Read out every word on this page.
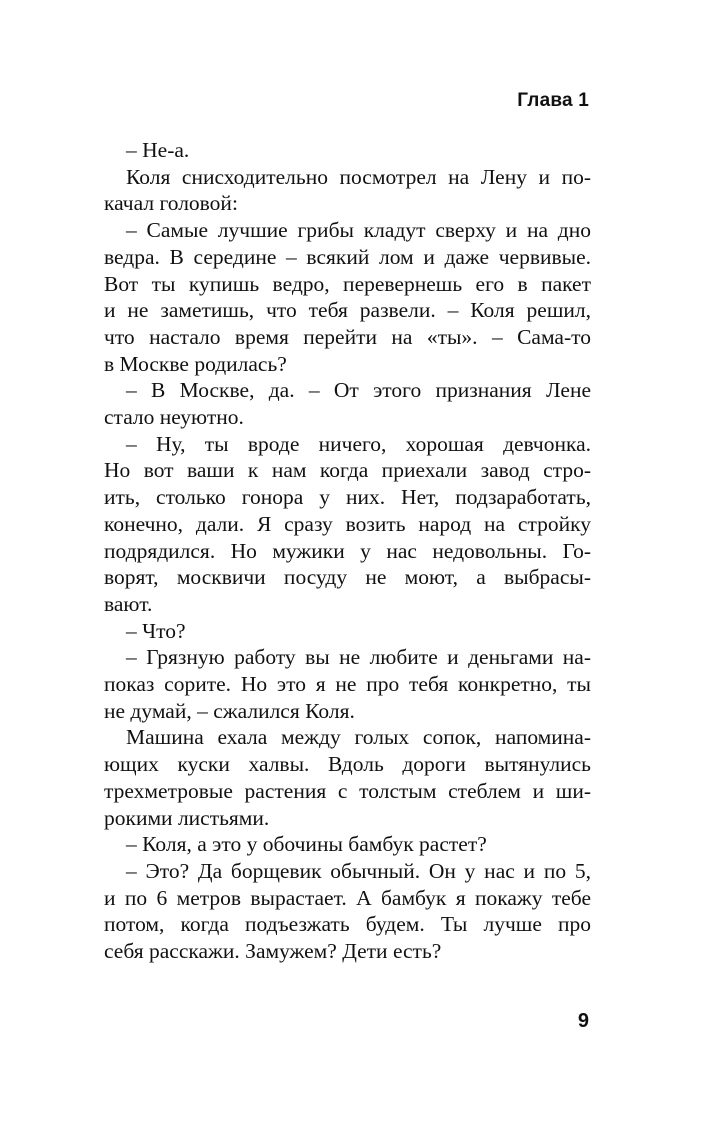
Глава 1
– Не-а.
Коля снисходительно посмотрел на Лену и по-
качал головой:
– Самые лучшие грибы кладут сверху и на дно
ведра. В середине – всякий лом и даже червивые.
Вот ты купишь ведро, перевернешь его в пакет
и не заметишь, что тебя развели. – Коля решил,
что настало время перейти на «ты». – Сама-то
в Москве родилась?
– В Москве, да. – От этого признания Лене
стало неуютно.
– Ну, ты вроде ничего, хорошая девчонка.
Но вот ваши к нам когда приехали завод стро-
ить, столько гонора у них. Нет, подзаработать,
конечно, дали. Я сразу возить народ на стройку
подрядился. Но мужики у нас недовольны. Го-
ворят, москвичи посуду не моют, а выбрасы-
вают.
– Что?
– Грязную работу вы не любите и деньгами на-
показ сорите. Но это я не про тебя конкретно, ты
не думай, – сжалился Коля.
Машина ехала между голых сопок, напомина-
ющих куски халвы. Вдоль дороги вытянулись
трехметровые растения с толстым стеблем и ши-
рокими листьями.
– Коля, а это у обочины бамбук растет?
– Это? Да борщевик обычный. Он у нас и по 5,
и по 6 метров вырастает. А бамбук я покажу тебе
потом, когда подъезжать будем. Ты лучше про
себя расскажи. Замужем? Дети есть?
9
